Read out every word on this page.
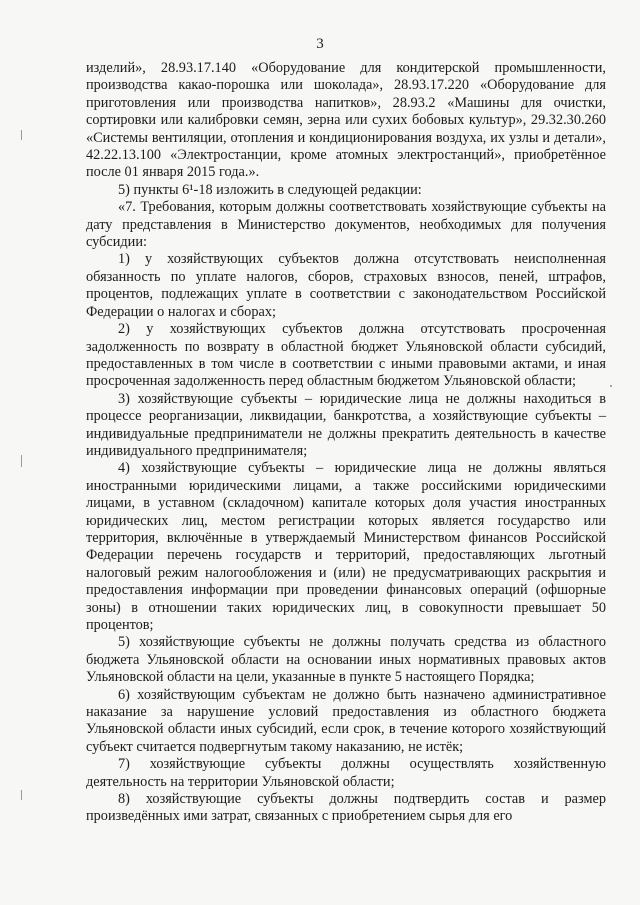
3

изделий», 28.93.17.140 «Оборудование для кондитерской промышленности, производства какао-порошка или шоколада», 28.93.17.220 «Оборудование для приготовления или производства напитков», 28.93.2 «Машины для очистки, сортировки или калибровки семян, зерна или сухих бобовых культур», 29.32.30.260 «Системы вентиляции, отопления и кондиционирования воздуха, их узлы и детали», 42.22.13.100 «Электростанции, кроме атомных электростанций», приобретённое после 01 января 2015 года.».

5) пункты 6¹-18 изложить в следующей редакции:

«7. Требования, которым должны соответствовать хозяйствующие субъекты на дату представления в Министерство документов, необходимых для получения субсидии:

1) у хозяйствующих субъектов должна отсутствовать неисполненная обязанность по уплате налогов, сборов, страховых взносов, пеней, штрафов, процентов, подлежащих уплате в соответствии с законодательством Российской Федерации о налогах и сборах;

2) у хозяйствующих субъектов должна отсутствовать просроченная задолженность по возврату в областной бюджет Ульяновской области субсидий, предоставленных в том числе в соответствии с иными правовыми актами, и иная просроченная задолженность перед областным бюджетом Ульяновской области;

3) хозяйствующие субъекты – юридические лица не должны находиться в процессе реорганизации, ликвидации, банкротства, а хозяйствующие субъекты – индивидуальные предприниматели не должны прекратить деятельность в качестве индивидуального предпринимателя;

4) хозяйствующие субъекты – юридические лица не должны являться иностранными юридическими лицами, а также российскими юридическими лицами, в уставном (складочном) капитале которых доля участия иностранных юридических лиц, местом регистрации которых является государство или территория, включённые в утверждаемый Министерством финансов Российской Федерации перечень государств и территорий, предоставляющих льготный налоговый режим налогообложения и (или) не предусматривающих раскрытия и предоставления информации при проведении финансовых операций (офшорные зоны) в отношении таких юридических лиц, в совокупности превышает 50 процентов;

5) хозяйствующие субъекты не должны получать средства из областного бюджета Ульяновской области на основании иных нормативных правовых актов Ульяновской области на цели, указанные в пункте 5 настоящего Порядка;

6) хозяйствующим субъектам не должно быть назначено административное наказание за нарушение условий предоставления из областного бюджета Ульяновской области иных субсидий, если срок, в течение которого хозяйствующий субъект считается подвергнутым такому наказанию, не истёк;

7) хозяйствующие субъекты должны осуществлять хозяйственную деятельность на территории Ульяновской области;

8) хозяйствующие субъекты должны подтвердить состав и размер произведённых ими затрат, связанных с приобретением сырья для его
